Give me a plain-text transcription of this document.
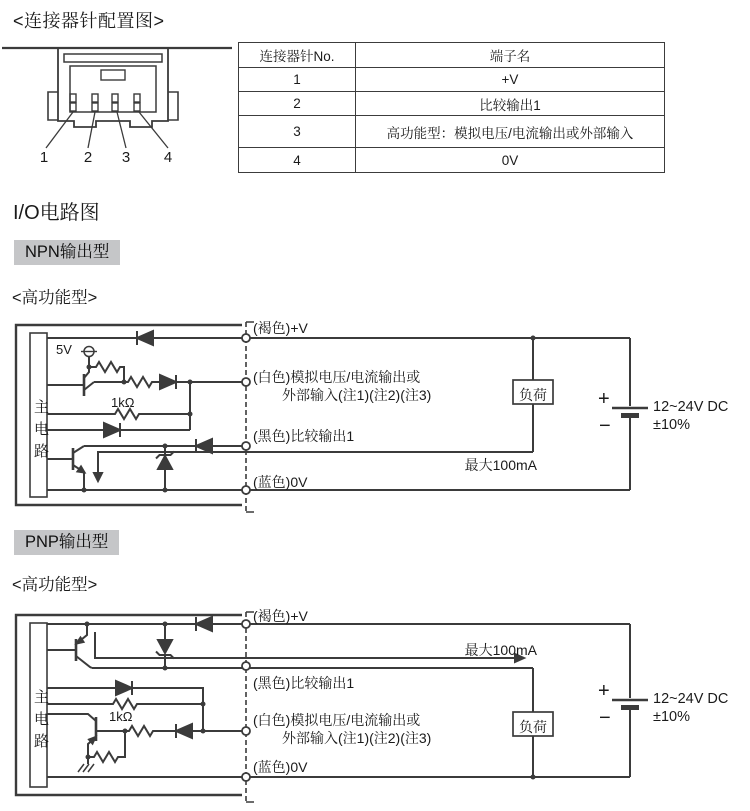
<连接器针配置图>
1 2 3 4
连接器针No.	端子名
1	+V
2	比较输出1
3	高功能型：模拟电压/电流输出或外部输入
4	0V
I/O电路图
NPN输出型
<高功能型>
主电路
5V
1kΩ
(褐色)+V
(白色)模拟电压/电流输出或
外部输入(注1)(注2)(注3)
(黑色)比较输出1
最大100mA
(蓝色)0V
负荷	+
−
12~24V DC
±10%
PNP输出型
<高功能型>
主电路	1kΩ
(褐色)+V
最大100mA
(黑色)比较输出1
(白色)模拟电压/电流输出或
外部输入(注1)(注2)(注3)
(蓝色)0V
负荷
+
−
12~24V DC
±10%
